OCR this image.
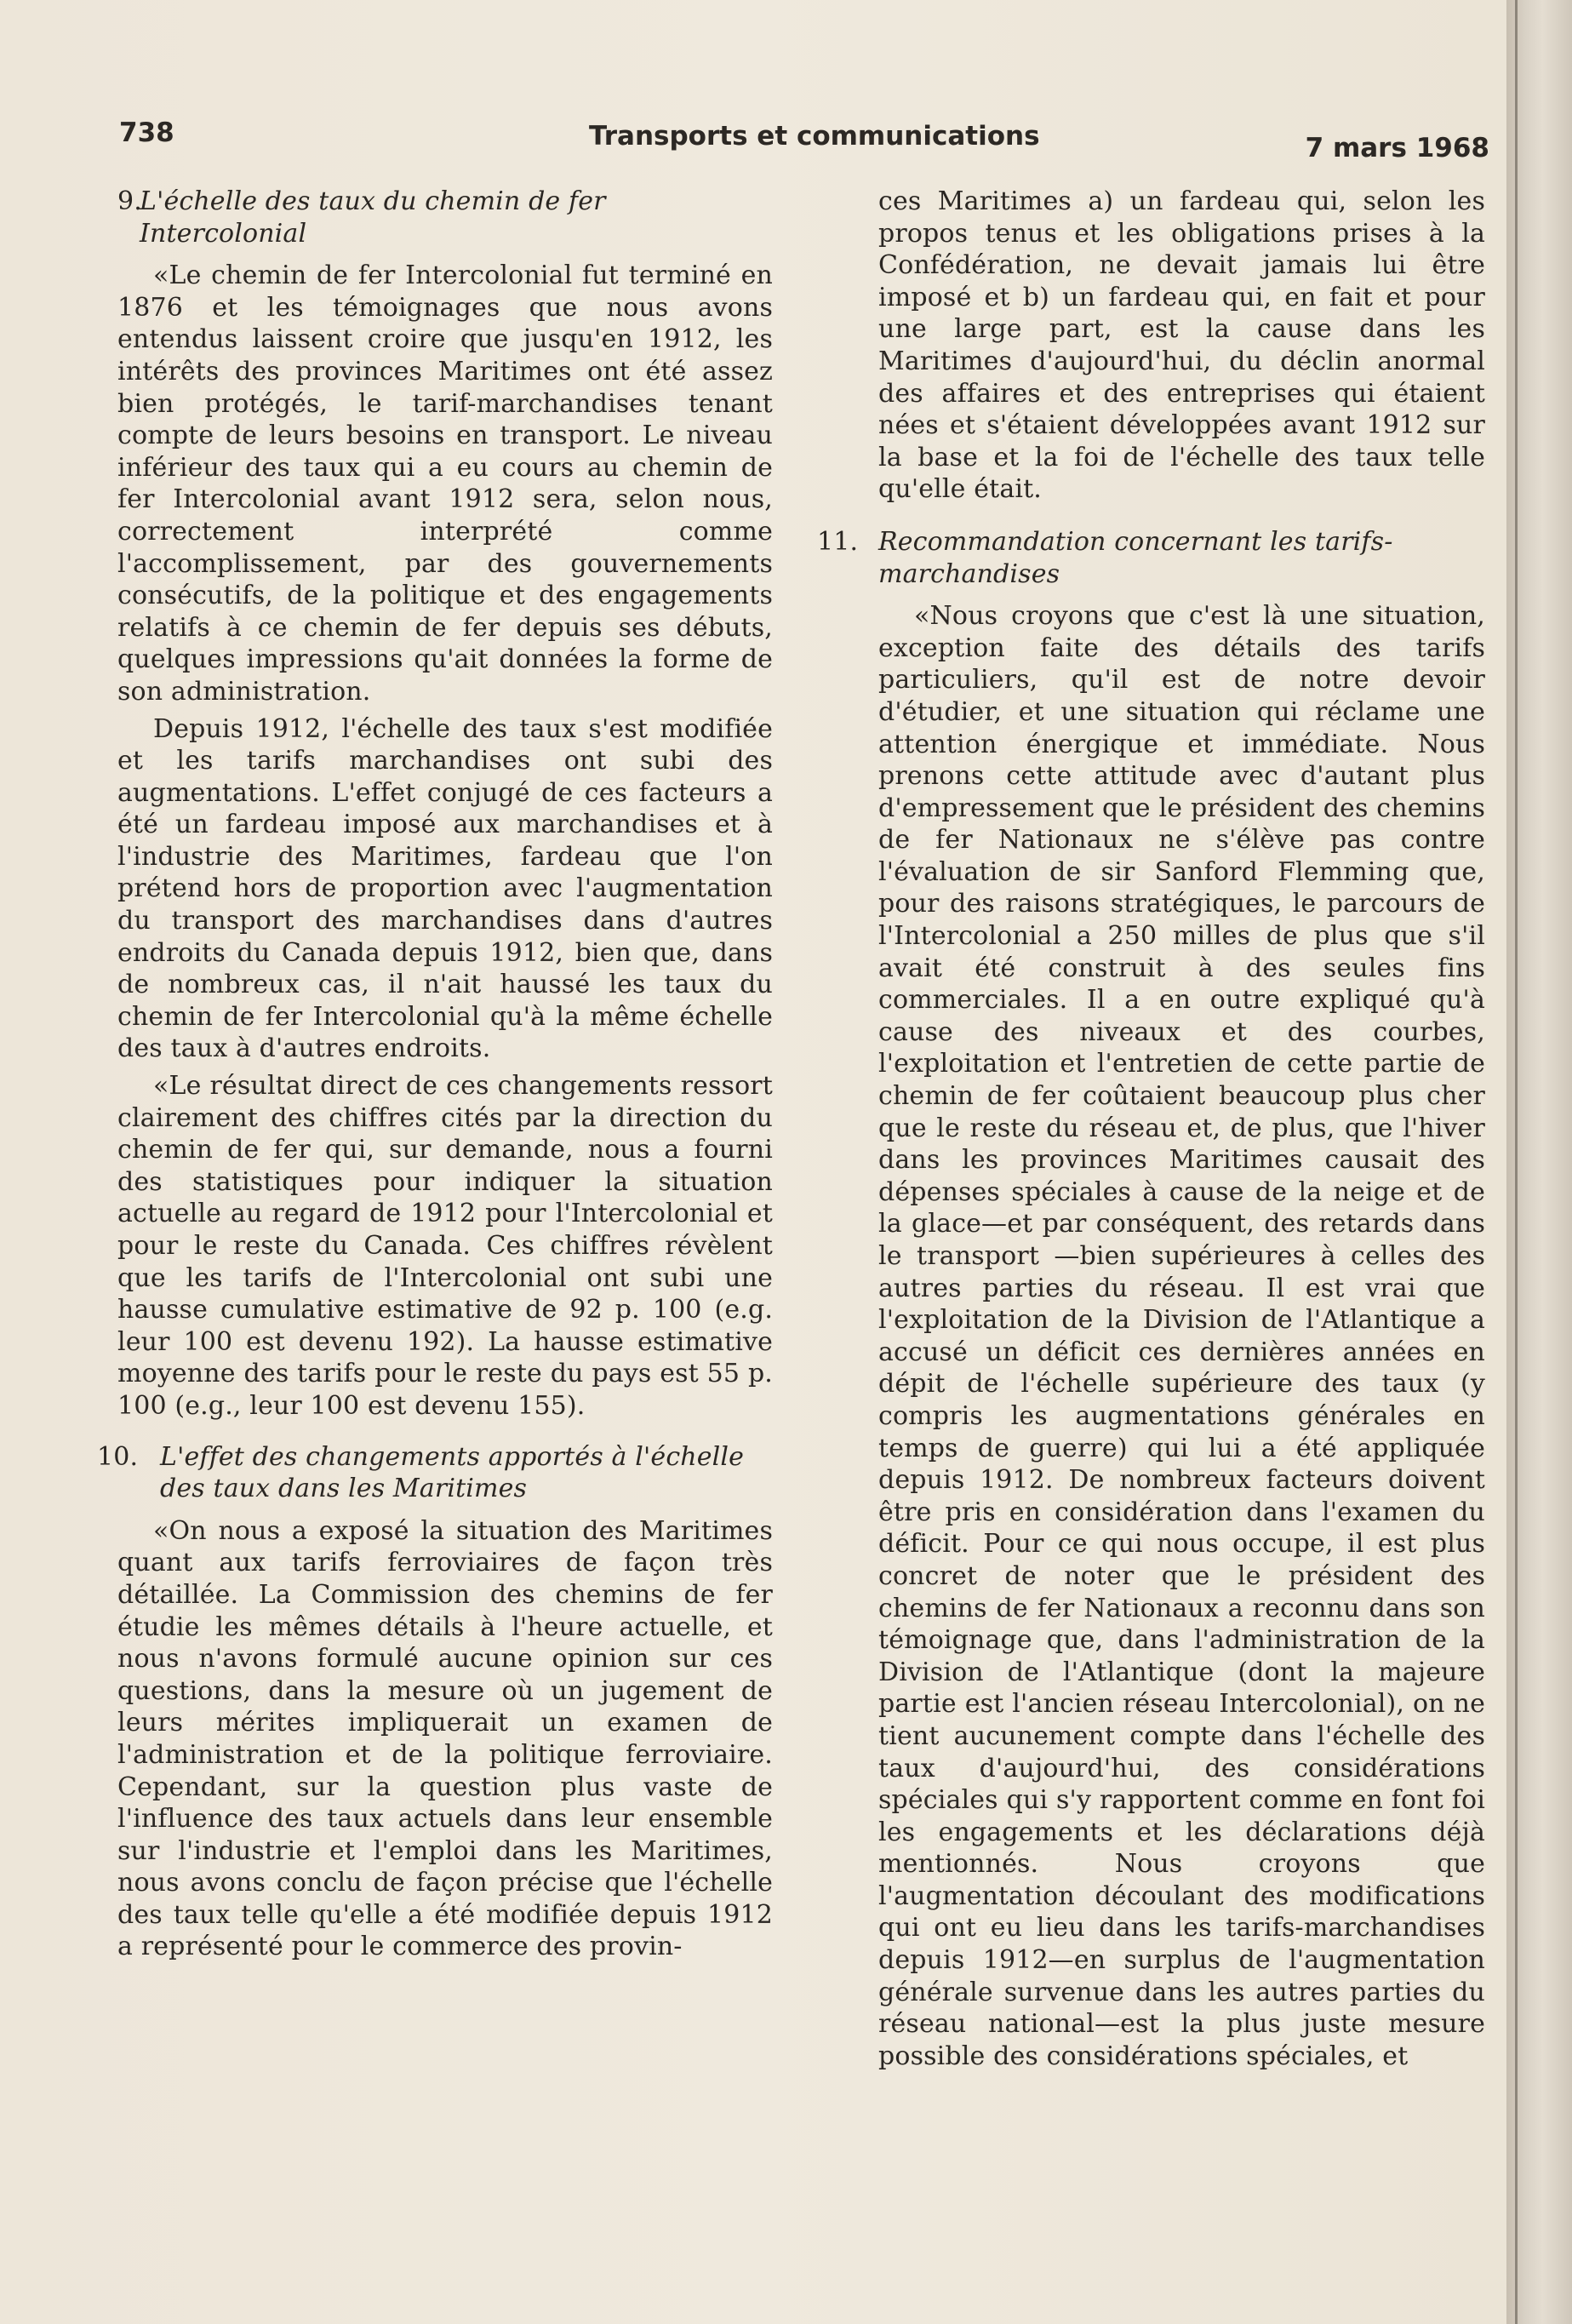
738	Transports et communications	7 mars 1968
9.
L'échelle des taux du chemin de fer Intercolonial

«Le chemin de fer Intercolonial fut terminé en 1876 et les témoignages que nous avons entendus laissent croire que jusqu'en 1912, les intérêts des provinces Maritimes ont été assez bien protégés, le tarif-marchandises tenant compte de leurs besoins en transport. Le niveau inférieur des taux qui a eu cours au chemin de fer Intercolonial avant 1912 sera, selon nous, correctement interprété comme l'accomplissement, par des gouvernements consécutifs, de la politique et des engagements relatifs à ce chemin de fer depuis ses débuts, quelques impressions qu'ait données la forme de son administration.

Depuis 1912, l'échelle des taux s'est modifiée et les tarifs marchandises ont subi des augmentations. L'effet conjugé de ces facteurs a été un fardeau imposé aux marchandises et à l'industrie des Maritimes, fardeau que l'on prétend hors de proportion avec l'augmentation du transport des marchandises dans d'autres endroits du Canada depuis 1912, bien que, dans de nombreux cas, il n'ait haussé les taux du chemin de fer Intercolonial qu'à la même échelle des taux à d'autres endroits.

«Le résultat direct de ces changements ressort clairement des chiffres cités par la direction du chemin de fer qui, sur demande, nous a fourni des statistiques pour indiquer la situation actuelle au regard de 1912 pour l'Intercolonial et pour le reste du Canada. Ces chiffres révèlent que les tarifs de l'Intercolonial ont subi une hausse cumulative estimative de 92 p. 100 (e.g. leur 100 est devenu 192). La hausse estimative moyenne des tarifs pour le reste du pays est 55 p. 100 (e.g., leur 100 est devenu 155).

10. L'effet des changements apportés à l'échelle des taux dans les Maritimes

«On nous a exposé la situation des Maritimes quant aux tarifs ferroviaires de façon très détaillée. La Commission des chemins de fer étudie les mêmes détails à l'heure actuelle, et nous n'avons formulé aucune opinion sur ces questions, dans la mesure où un jugement de leurs mérites impliquerait un examen de l'administration et de la politique ferroviaire. Cependant, sur la question plus vaste de l'influence des taux actuels dans leur ensemble sur l'industrie et l'emploi dans les Maritimes, nous avons conclu de façon précise que l'échelle des taux telle qu'elle a été modifiée depuis 1912 a représenté pour le commerce des provin-

ces Maritimes a) un fardeau qui, selon les propos tenus et les obligations prises à la Confédération, ne devait jamais lui être imposé et b) un fardeau qui, en fait et pour une large part, est la cause dans les Maritimes d'aujourd'hui, du déclin anormal des affaires et des entreprises qui étaient nées et s'étaient développées avant 1912 sur la base et la foi de l'échelle des taux telle qu'elle était.

11. Recommandation concernant les tarifs-marchandises

«Nous croyons que c'est là une situation, exception faite des détails des tarifs particuliers, qu'il est de notre devoir d'étudier, et une situation qui réclame une attention énergique et immédiate. Nous prenons cette attitude avec d'autant plus d'empressement que le président des chemins de fer Nationaux ne s'élève pas contre l'évaluation de sir Sanford Flemming que, pour des raisons stratégiques, le parcours de l'Intercolonial a 250 milles de plus que s'il avait été construit à des seules fins commerciales. Il a en outre expliqué qu'à cause des niveaux et des courbes, l'exploitation et l'entretien de cette partie de chemin de fer coûtaient beaucoup plus cher que le reste du réseau et, de plus, que l'hiver dans les provinces Maritimes causait des dépenses spéciales à cause de la neige et de la glace—et par conséquent, des retards dans le transport —bien supérieures à celles des autres parties du réseau. Il est vrai que l'exploitation de la Division de l'Atlantique a accusé un déficit ces dernières années en dépit de l'échelle supérieure des taux (y compris les augmentations générales en temps de guerre) qui lui a été appliquée depuis 1912. De nombreux facteurs doivent être pris en considération dans l'examen du déficit. Pour ce qui nous occupe, il est plus concret de noter que le président des chemins de fer Nationaux a reconnu dans son témoignage que, dans l'administration de la Division de l'Atlantique (dont la majeure partie est l'ancien réseau Intercolonial), on ne tient aucunement compte dans l'échelle des taux d'aujourd'hui, des considérations spéciales qui s'y rapportent comme en font foi les engagements et les déclarations déjà mentionnés. Nous croyons que l'augmentation découlant des modifications qui ont eu lieu dans les tarifs-marchandises depuis 1912—en surplus de l'augmentation générale survenue dans les autres parties du réseau national—est la plus juste mesure possible des considérations spéciales, et
